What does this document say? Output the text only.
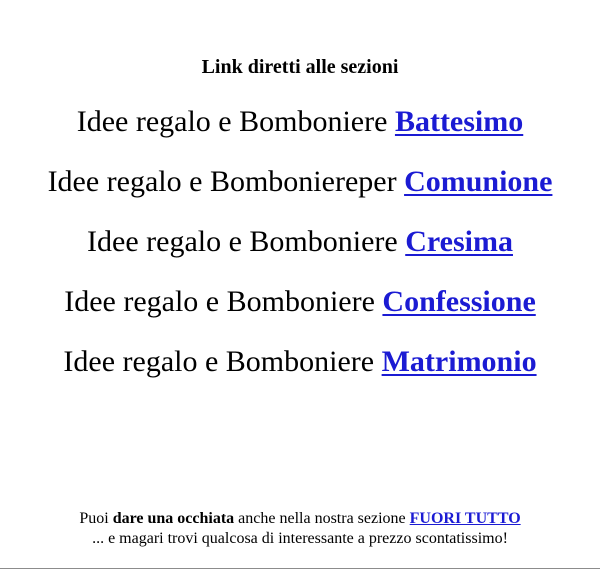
Link diretti alle sezioni
Idee regalo e Bomboniere Battesimo
Idee regalo e Bomboniereper Comunione
Idee regalo e Bomboniere Cresima
Idee regalo e Bomboniere Confessione
Idee regalo e Bomboniere Matrimonio
Puoi dare una occhiata anche nella nostra sezione FUORI TUTTO
... e magari trovi qualcosa di interessante a prezzo scontatissimo!
